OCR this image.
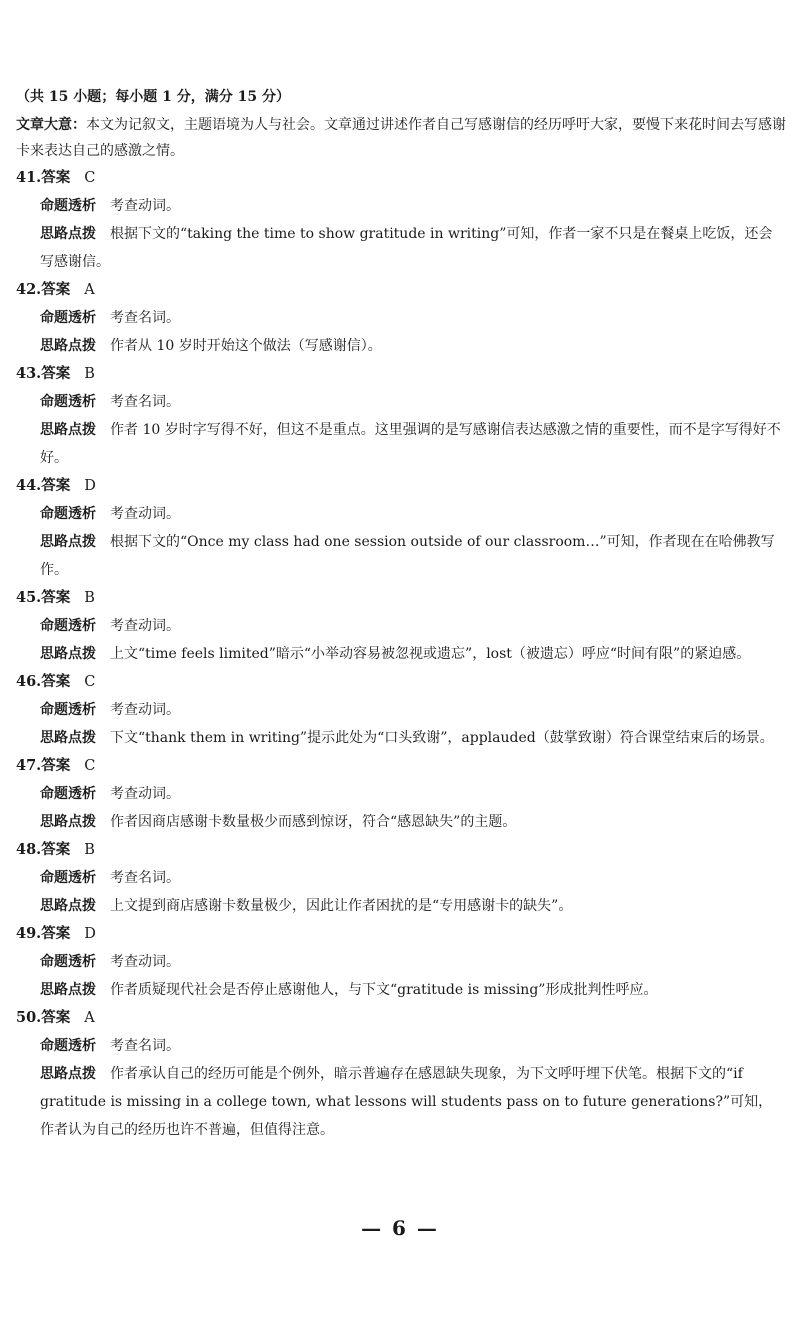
（共 15 小题；每小题 1 分，满分 15 分）
文章大意：本文为记叙文，主题语境为人与社会。文章通过讲述作者自己写感谢信的经历呼吁大家，要慢下来花时间去写感谢卡来表达自己的感激之情。
41.答案 C
命题透析 考查动词。
思路点拨 根据下文的“taking the time to show gratitude in writing”可知，作者一家不只是在餐桌上吃饭，还会写感谢信。
42.答案 A
命题透析 考查名词。
思路点拨 作者从 10 岁时开始这个做法（写感谢信）。
43.答案 B
命题透析 考查名词。
思路点拨 作者 10 岁时字写得不好，但这不是重点。这里强调的是写感谢信表达感激之情的重要性，而不是字写得好不好。
44.答案 D
命题透析 考查动词。
思路点拨 根据下文的“Once my class had one session outside of our classroom…”可知，作者现在在哈佛教写作。
45.答案 B
命题透析 考查动词。
思路点拨 上文“time feels limited”暗示“小举动容易被忽视或遗忘”，lost（被遗忘）呼应“时间有限”的紧迫感。
46.答案 C
命题透析 考查动词。
思路点拨 下文“thank them in writing”提示此处为“口头致谢”，applauded（鼓掌致谢）符合课堂结束后的场景。
47.答案 C
命题透析 考查动词。
思路点拨 作者因商店感谢卡数量极少而感到惊讶，符合“感恩缺失”的主题。
48.答案 B
命题透析 考查名词。
思路点拨 上文提到商店感谢卡数量极少，因此让作者困扰的是“专用感谢卡的缺失”。
49.答案 D
命题透析 考查动词。
思路点拨 作者质疑现代社会是否停止感谢他人，与下文“gratitude is missing”形成批判性呼应。
50.答案 A
命题透析 考查名词。
思路点拨 作者承认自己的经历可能是个例外，暗示普遍存在感恩缺失现象，为下文呼吁埋下伏笔。根据下文的“if gratitude is missing in a college town, what lessons will students pass on to future generations?”可知，作者认为自己的经历也许不普遍，但值得注意。
— 6 —
